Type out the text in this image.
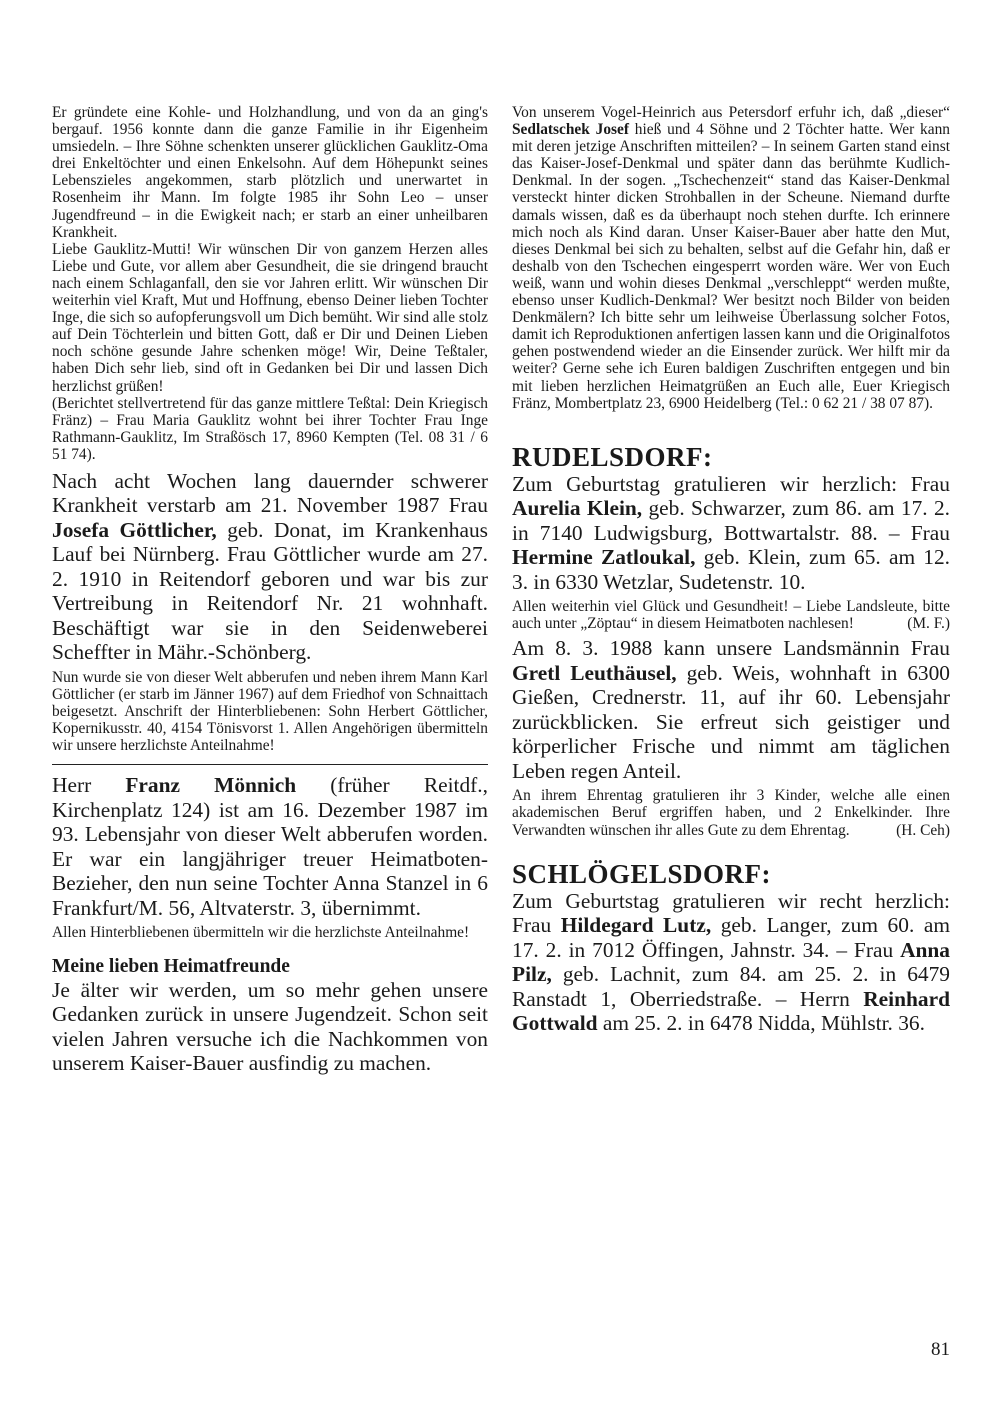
Er gründete eine Kohle- und Holzhandlung, und von da an ging's bergauf. 1956 konnte dann die ganze Familie in ihr Eigenheim umsiedeln. – Ihre Söhne schenkten unserer glücklichen Gauklitz-Oma drei Enkeltöchter und einen Enkelsohn. Auf dem Höhepunkt seines Lebenszieles angekommen, starb plötzlich und unerwartet in Rosenheim ihr Mann. Im folgte 1985 ihr Sohn Leo – unser Jugendfreund – in die Ewigkeit nach; er starb an einer unheilbaren Krankheit.

Liebe Gauklitz-Mutti! Wir wünschen Dir von ganzem Herzen alles Liebe und Gute, vor allem aber Gesundheit, die sie dringend braucht nach einem Schlaganfall, den sie vor Jahren erlitt. Wir wünschen Dir weiterhin viel Kraft, Mut und Hoffnung, ebenso Deiner lieben Tochter Inge, die sich so aufopferungsvoll um Dich bemüht. Wir sind alle stolz auf Dein Töchterlein und bitten Gott, daß er Dir und Deinen Lieben noch schöne gesunde Jahre schenken möge! Wir, Deine Teßtaler, haben Dich sehr lieb, sind oft in Gedanken bei Dir und lassen Dich herzlichst grüßen!

(Berichtet stellvertretend für das ganze mittlere Teßtal: Dein Kriegisch Fränz) – Frau Maria Gauklitz wohnt bei ihrer Tochter Frau Inge Rathmann-Gauklitz, Im Straßösch 17, 8960 Kempten (Tel. 08 31 / 6 51 74).

Nach acht Wochen lang dauernder schwerer Krankheit verstarb am 21. November 1987 Frau Josefa Göttlicher, geb. Donat, im Krankenhaus Lauf bei Nürnberg. Frau Göttlicher wurde am 27. 2. 1910 in Reitendorf geboren und war bis zur Vertreibung in Reitendorf Nr. 21 wohnhaft. Beschäftigt war sie in den Seidenweberei Scheffter in Mähr.-Schönberg.

Nun wurde sie von dieser Welt abberufen und neben ihrem Mann Karl Göttlicher (er starb im Jänner 1967) auf dem Friedhof von Schnaittach beigesetzt. Anschrift der Hinterbliebenen: Sohn Herbert Göttlicher, Kopernikusstr. 40, 4154 Tönisvorst 1. Allen Angehörigen übermitteln wir unsere herzlichste Anteilnahme!

Herr Franz Mönnich (früher Reitdf., Kirchenplatz 124) ist am 16. Dezember 1987 im 93. Lebensjahr von dieser Welt abberufen worden. Er war ein langjähriger treuer Heimatboten-Bezieher, den nun seine Tochter Anna Stanzel in 6 Frankfurt/M. 56, Altvaterstr. 3, übernimmt.

Allen Hinterbliebenen übermitteln wir die herzlichste Anteilnahme!

Meine lieben Heimatfreunde

Je älter wir werden, um so mehr gehen unsere Gedanken zurück in unsere Jugendzeit. Schon seit vielen Jahren versuche ich die Nachkommen von unserem Kaiser-Bauer ausfindig zu machen.

Von unserem Vogel-Heinrich aus Petersdorf erfuhr ich, daß „dieser“ Sedlatschek Josef hieß und 4 Söhne und 2 Töchter hatte. Wer kann mit deren jetzige Anschriften mitteilen? – In seinem Garten stand einst das Kaiser-Josef-Denkmal und später dann das berühmte Kudlich-Denkmal. In der sogen. „Tschechenzeit“ stand das Kaiser-Denkmal versteckt hinter dicken Strohballen in der Scheune. Niemand durfte damals wissen, daß es da überhaupt noch stehen durfte. Ich erinnere mich noch als Kind daran. Unser Kaiser-Bauer aber hatte den Mut, dieses Denkmal bei sich zu behalten, selbst auf die Gefahr hin, daß er deshalb von den Tschechen eingesperrt worden wäre. Wer von Euch weiß, wann und wohin dieses Denkmal „verschleppt“ werden mußte, ebenso unser Kudlich-Denkmal? Wer besitzt noch Bilder von beiden Denkmälern? Ich bitte sehr um leihweise Überlassung solcher Fotos, damit ich Reproduktionen anfertigen lassen kann und die Originalfotos gehen postwendend wieder an die Einsender zurück. Wer hilft mir da weiter? Gerne sehe ich Euren baldigen Zuschriften entgegen und bin mit lieben herzlichen Heimatgrüßen an Euch alle, Euer Kriegisch Fränz, Mombertplatz 23, 6900 Heidelberg (Tel.: 0 62 21 / 38 07 87).

RUDELSDORF:

Zum Geburtstag gratulieren wir herzlich: Frau Aurelia Klein, geb. Schwarzer, zum 86. am 17. 2. in 7140 Ludwigsburg, Bottwartalstr. 88. – Frau Hermine Zatloukal, geb. Klein, zum 65. am 12. 3. in 6330 Wetzlar, Sudetenstr. 10.

Allen weiterhin viel Glück und Gesundheit! – Liebe Landsleute, bitte auch unter „Zöptau“ in diesem Heimatboten nachlesen!	(M. F.)

Am 8. 3. 1988 kann unsere Landsmännin Frau Gretl Leuthäusel, geb. Weis, wohnhaft in 6300 Gießen, Crednerstr. 11, auf ihr 60. Lebensjahr zurückblicken. Sie erfreut sich geistiger und körperlicher Frische und nimmt am täglichen Leben regen Anteil.

An ihrem Ehrentag gratulieren ihr 3 Kinder, welche alle einen akademischen Beruf ergriffen haben, und 2 Enkelkinder. Ihre Verwandten wünschen ihr alles Gute zu dem Ehrentag.	(H. Ceh)

SCHLÖGELSDORF:

Zum Geburtstag gratulieren wir recht herzlich: Frau Hildegard Lutz, geb. Langer, zum 60. am 17. 2. in 7012 Öffingen, Jahnstr. 34. – Frau Anna Pilz, geb. Lachnit, zum 84. am 25. 2. in 6479 Ranstadt 1, Oberriedstraße. – Herrn Reinhard Gottwald am 25. 2. in 6478 Nidda, Mühlstr. 36.

81
